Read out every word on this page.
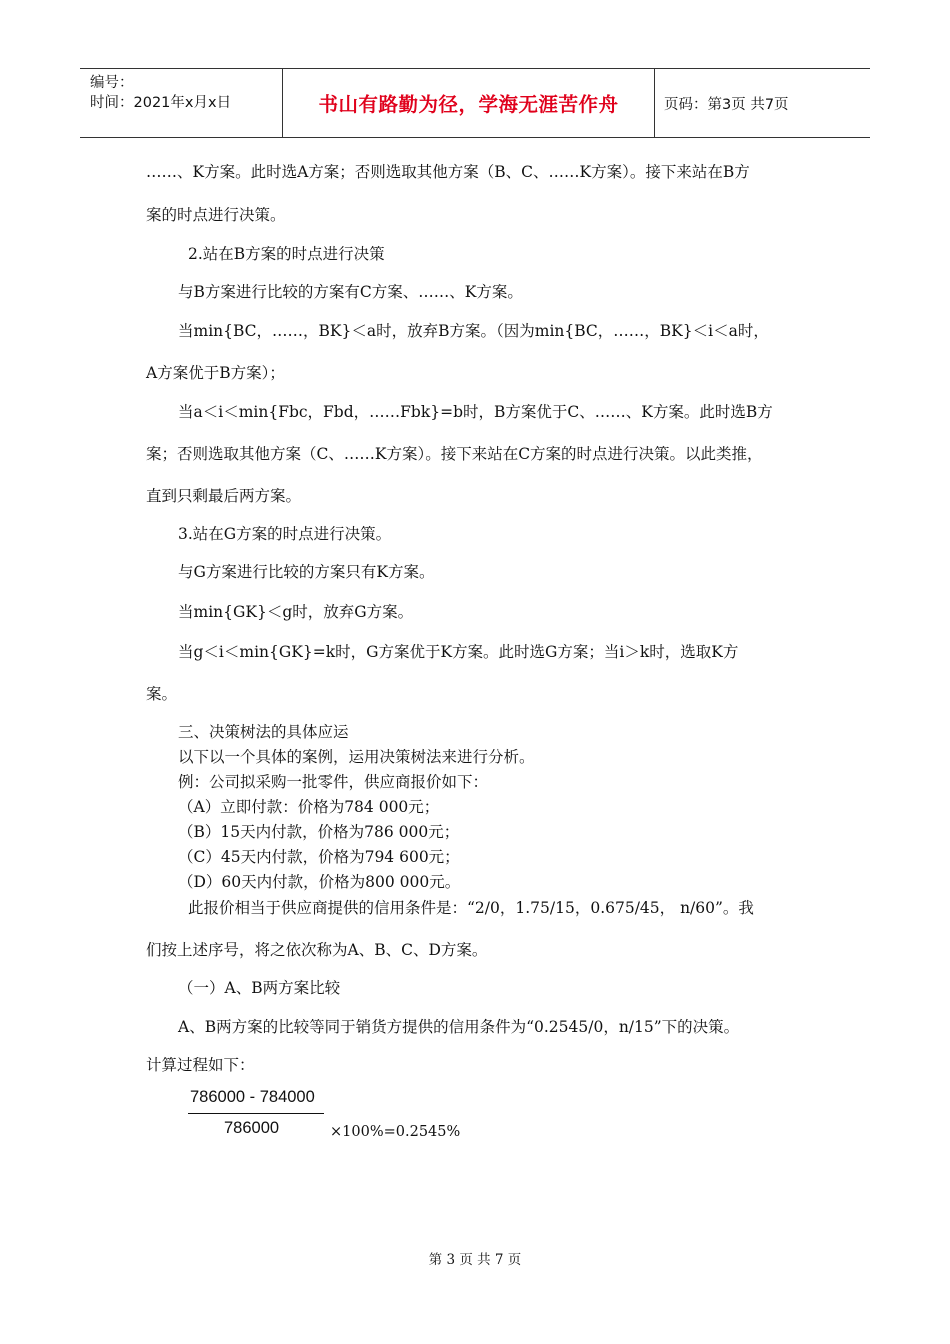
编号：
时间：2021年x月x日	书山有路勤为径，学海无涯苦作舟	页码：第3页 共7页
……、K方案。此时选A方案；否则选取其他方案（B、C、……K方案）。接下来站在B方
案的时点进行决策。
2.站在B方案的时点进行决策
与B方案进行比较的方案有C方案、……、K方案。
当min{BC，……，BK}＜a时，放弃B方案。（因为min{BC，……，BK}＜i＜a时，
A方案优于B方案）；
当a＜i＜min{Fbc，Fbd，……Fbk}=b时，B方案优于C、……、K方案。此时选B方
案；否则选取其他方案（C、……K方案）。接下来站在C方案的时点进行决策。以此类推，
直到只剩最后两方案。
3.站在G方案的时点进行决策。
与G方案进行比较的方案只有K方案。
当min{GK}＜g时，放弃G方案。
当g＜i＜min{GK}=k时，G方案优于K方案。此时选G方案；当i＞k时，选取K方
案。
三、决策树法的具体应运
以下以一个具体的案例，运用决策树法来进行分析。
例：公司拟采购一批零件，供应商报价如下：
（A）立即付款：价格为784 000元；
（B）15天内付款，价格为786 000元；
（C）45天内付款，价格为794 600元；
（D）60天内付款，价格为800 000元。
此报价相当于供应商提供的信用条件是：“2/0，1.75/15，0.675/45， n/60”。我
们按上述序号，将之依次称为A、B、C、D方案。
（一）A、B两方案比较
A、B两方案的比较等同于销货方提供的信用条件为“0.2545/0，n/15”下的决策。
计算过程如下：
786000 - 784000
786000	×100%=0.2545%
第 3 页 共 7 页
